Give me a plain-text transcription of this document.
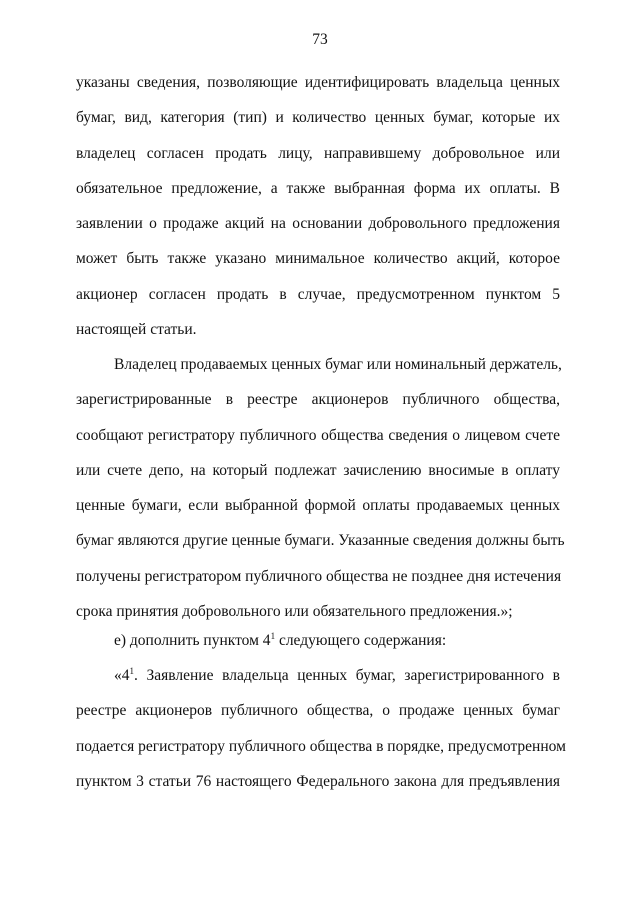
73
указаны сведения, позволяющие идентифицировать владельца ценных
бумаг, вид, категория (тип) и количество ценных бумаг, которые их
владелец согласен продать лицу, направившему добровольное или
обязательное предложение, а также выбранная форма их оплаты. В
заявлении о продаже акций на основании добровольного предложения
может быть также указано минимальное количество акций, которое
акционер согласен продать в случае, предусмотренном пунктом 5
настоящей статьи.
Владелец продаваемых ценных бумаг или номинальный держатель,
зарегистрированные в реестре акционеров публичного общества,
сообщают регистратору публичного общества сведения о лицевом счете
или счете депо, на который подлежат зачислению вносимые в оплату
ценные бумаги, если выбранной формой оплаты продаваемых ценных
бумаг являются другие ценные бумаги. Указанные сведения должны быть
получены регистратором публичного общества не позднее дня истечения
срока принятия добровольного или обязательного предложения.»;
е) дополнить пунктом $4^1$ следующего содержания:
«$4^1$. Заявление владельца ценных бумаг, зарегистрированного в
реестре акционеров публичного общества, о продаже ценных бумаг
подается регистратору публичного общества в порядке, предусмотренном
пунктом 3 статьи 76 настоящего Федерального закона для предъявления
